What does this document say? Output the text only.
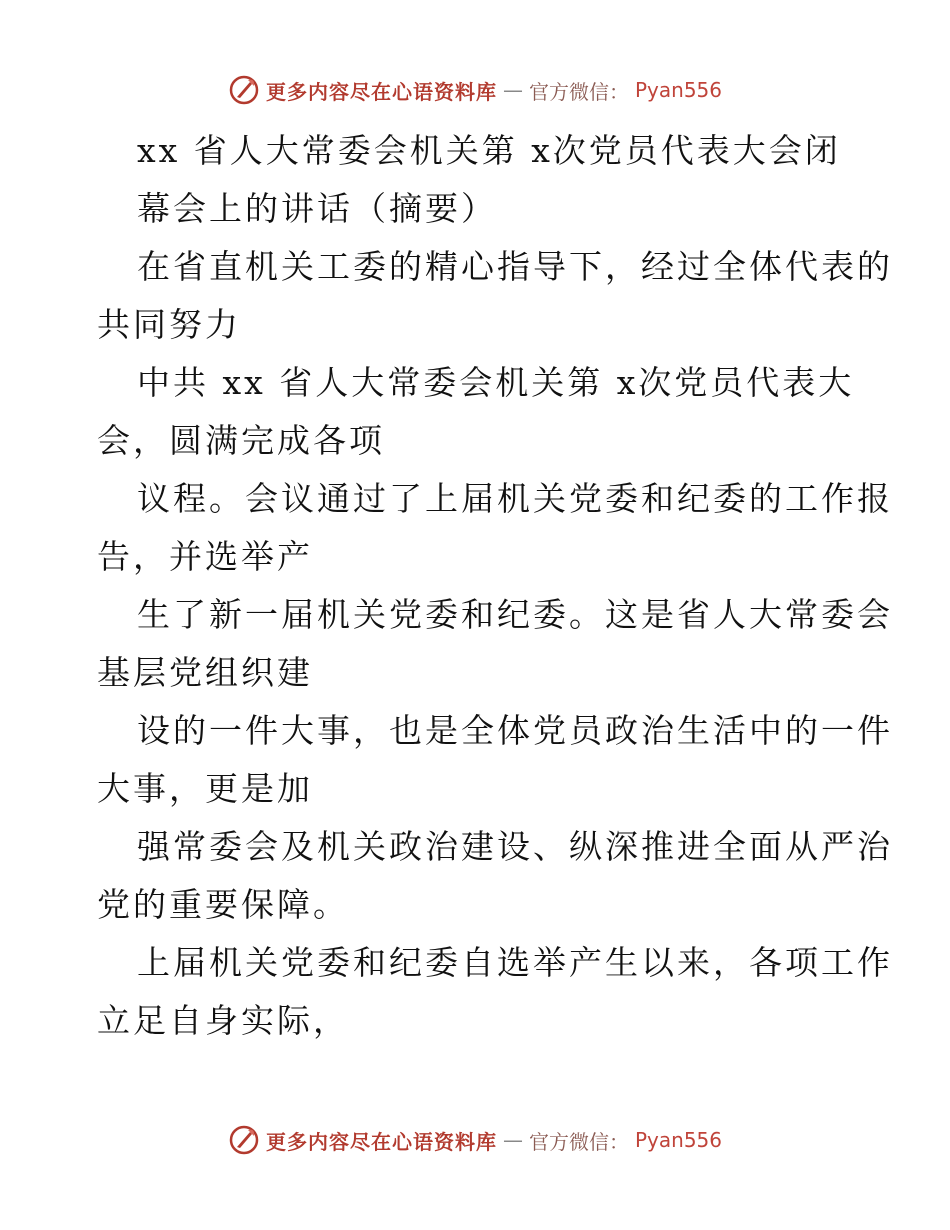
更多内容尽在心语资料库 — 官方微信： Pyan556
xx 省人大常委会机关第 x次党员代表大会闭
幕会上的讲话（摘要）
在省直机关工委的精心指导下，经过全体代表的
共同努力
中共 xx 省人大常委会机关第 x次党员代表大
会，圆满完成各项
议程。会议通过了上届机关党委和纪委的工作报
告，并选举产
生了新一届机关党委和纪委。这是省人大常委会
基层党组织建
设的一件大事，也是全体党员政治生活中的一件
大事，更是加
强常委会及机关政治建设、纵深推进全面从严治
党的重要保障。
上届机关党委和纪委自选举产生以来，各项工作
立足自身实际，
更多内容尽在心语资料库 — 官方微信： Pyan556
